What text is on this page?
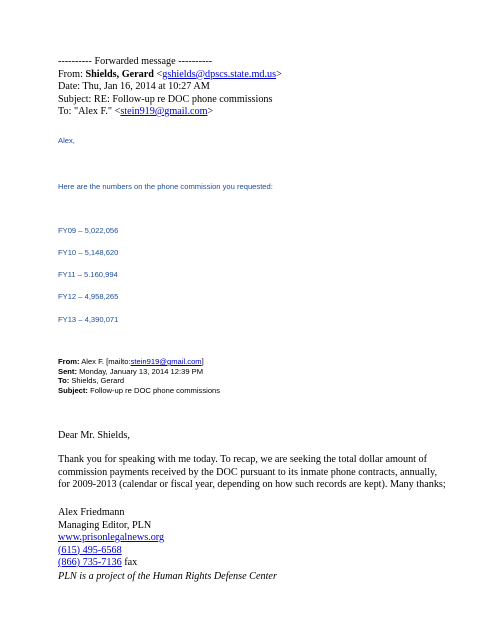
---------- Forwarded message ----------
From: Shields, Gerard <gshields@dpscs.state.md.us>
Date: Thu, Jan 16, 2014 at 10:27 AM
Subject: RE: Follow-up re DOC phone commissions
To: "Alex F." <stein919@gmail.com>
Alex,
Here are the numbers on the phone commission you requested:
FY09 – 5,022,056
FY10 – 5,148,620
FY11 – 5.160,994
FY12 – 4,958,265
FY13 – 4,390,071
From: Alex F. [mailto:stein919@gmail.com]
Sent: Monday, January 13, 2014 12:39 PM
To: Shields, Gerard
Subject: Follow-up re DOC phone commissions
Dear Mr. Shields,
Thank you for speaking with me today. To recap, we are seeking the total dollar amount of commission payments received by the DOC pursuant to its inmate phone contracts, annually, for 2009-2013 (calendar or fiscal year, depending on how such records are kept). Many thanks;
Alex Friedmann
Managing Editor, PLN
www.prisonlegalnews.org
(615) 495-6568
(866) 735-7136 fax
PLN is a project of the Human Rights Defense Center
